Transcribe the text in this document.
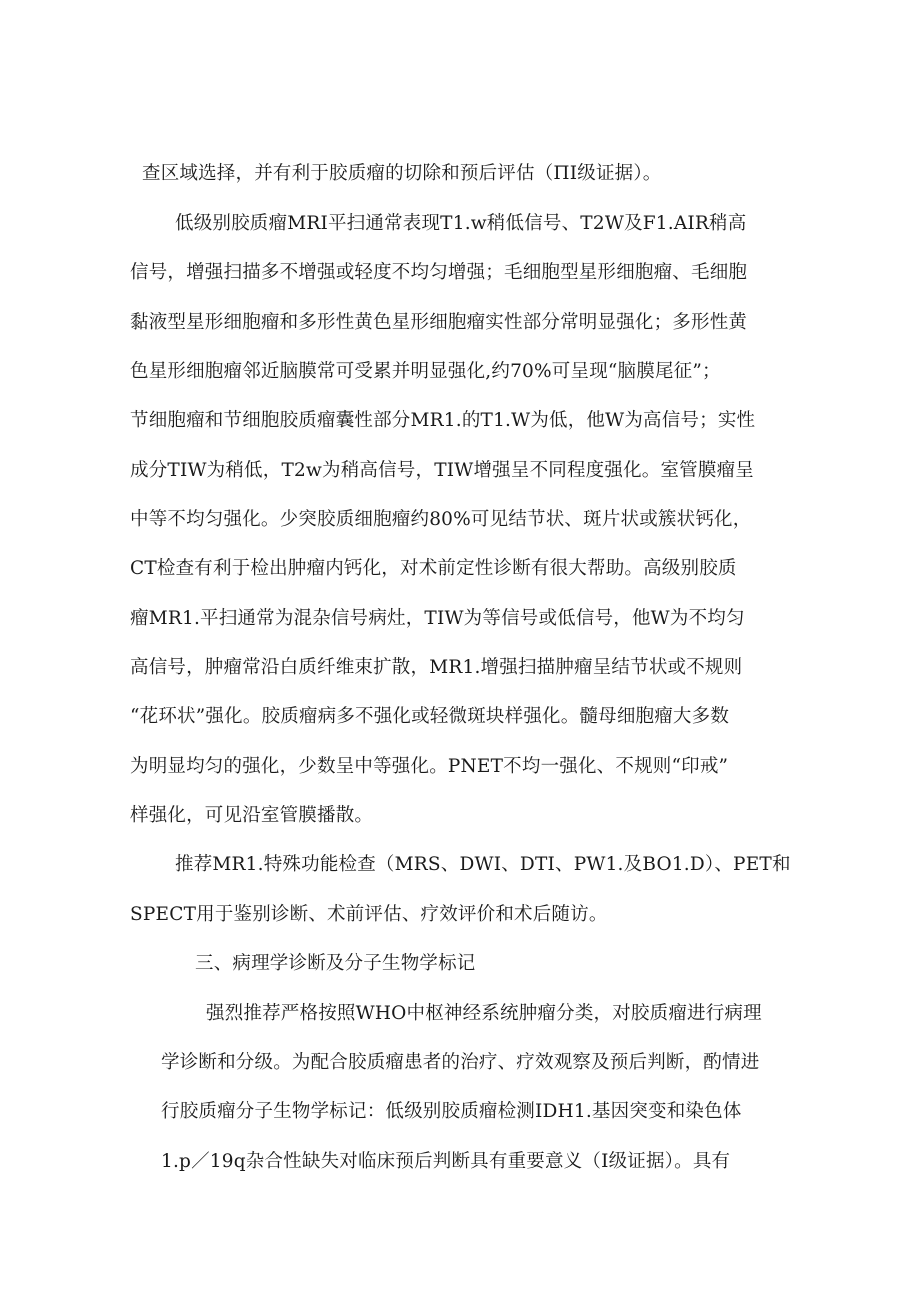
查区域选择，并有利于胶质瘤的切除和预后评估（ΠI级证据）。
低级别胶质瘤MRI平扫通常表现T1.w稍低信号、T2W及F1.AIR稍高
信号，增强扫描多不增强或轻度不均匀增强；毛细胞型星形细胞瘤、毛细胞
黏液型星形细胞瘤和多形性黄色星形细胞瘤实性部分常明显强化；多形性黄
色星形细胞瘤邻近脑膜常可受累并明显强化,约70%可呈现“脑膜尾征”；
节细胞瘤和节细胞胶质瘤囊性部分MR1.的T1.W为低，他W为高信号；实性
成分TIW为稍低，T2w为稍高信号，TIW增强呈不同程度强化。室管膜瘤呈
中等不均匀强化。少突胶质细胞瘤约80%可见结节状、斑片状或簇状钙化，
CT检查有利于检出肿瘤内钙化，对术前定性诊断有很大帮助。高级别胶质
瘤MR1.平扫通常为混杂信号病灶，TIW为等信号或低信号，他W为不均匀
高信号，肿瘤常沿白质纤维束扩散，MR1.增强扫描肿瘤呈结节状或不规则
“花环状”强化。胶质瘤病多不强化或轻微斑块样强化。髓母细胞瘤大多数
为明显均匀的强化，少数呈中等强化。PNET不均一强化、不规则“印戒”
样强化，可见沿室管膜播散。
推荐MR1.特殊功能检查（MRS、DWI、DTI、PW1.及BO1.D）、PET和
SPECT用于鉴别诊断、术前评估、疗效评价和术后随访。
三、病理学诊断及分子生物学标记
强烈推荐严格按照WHO中枢神经系统肿瘤分类，对胶质瘤进行病理
学诊断和分级。为配合胶质瘤患者的治疗、疗效观察及预后判断，酌情进
行胶质瘤分子生物学标记：低级别胶质瘤检测IDH1.基因突变和染色体
1.p／19q杂合性缺失对临床预后判断具有重要意义（I级证据）。具有
